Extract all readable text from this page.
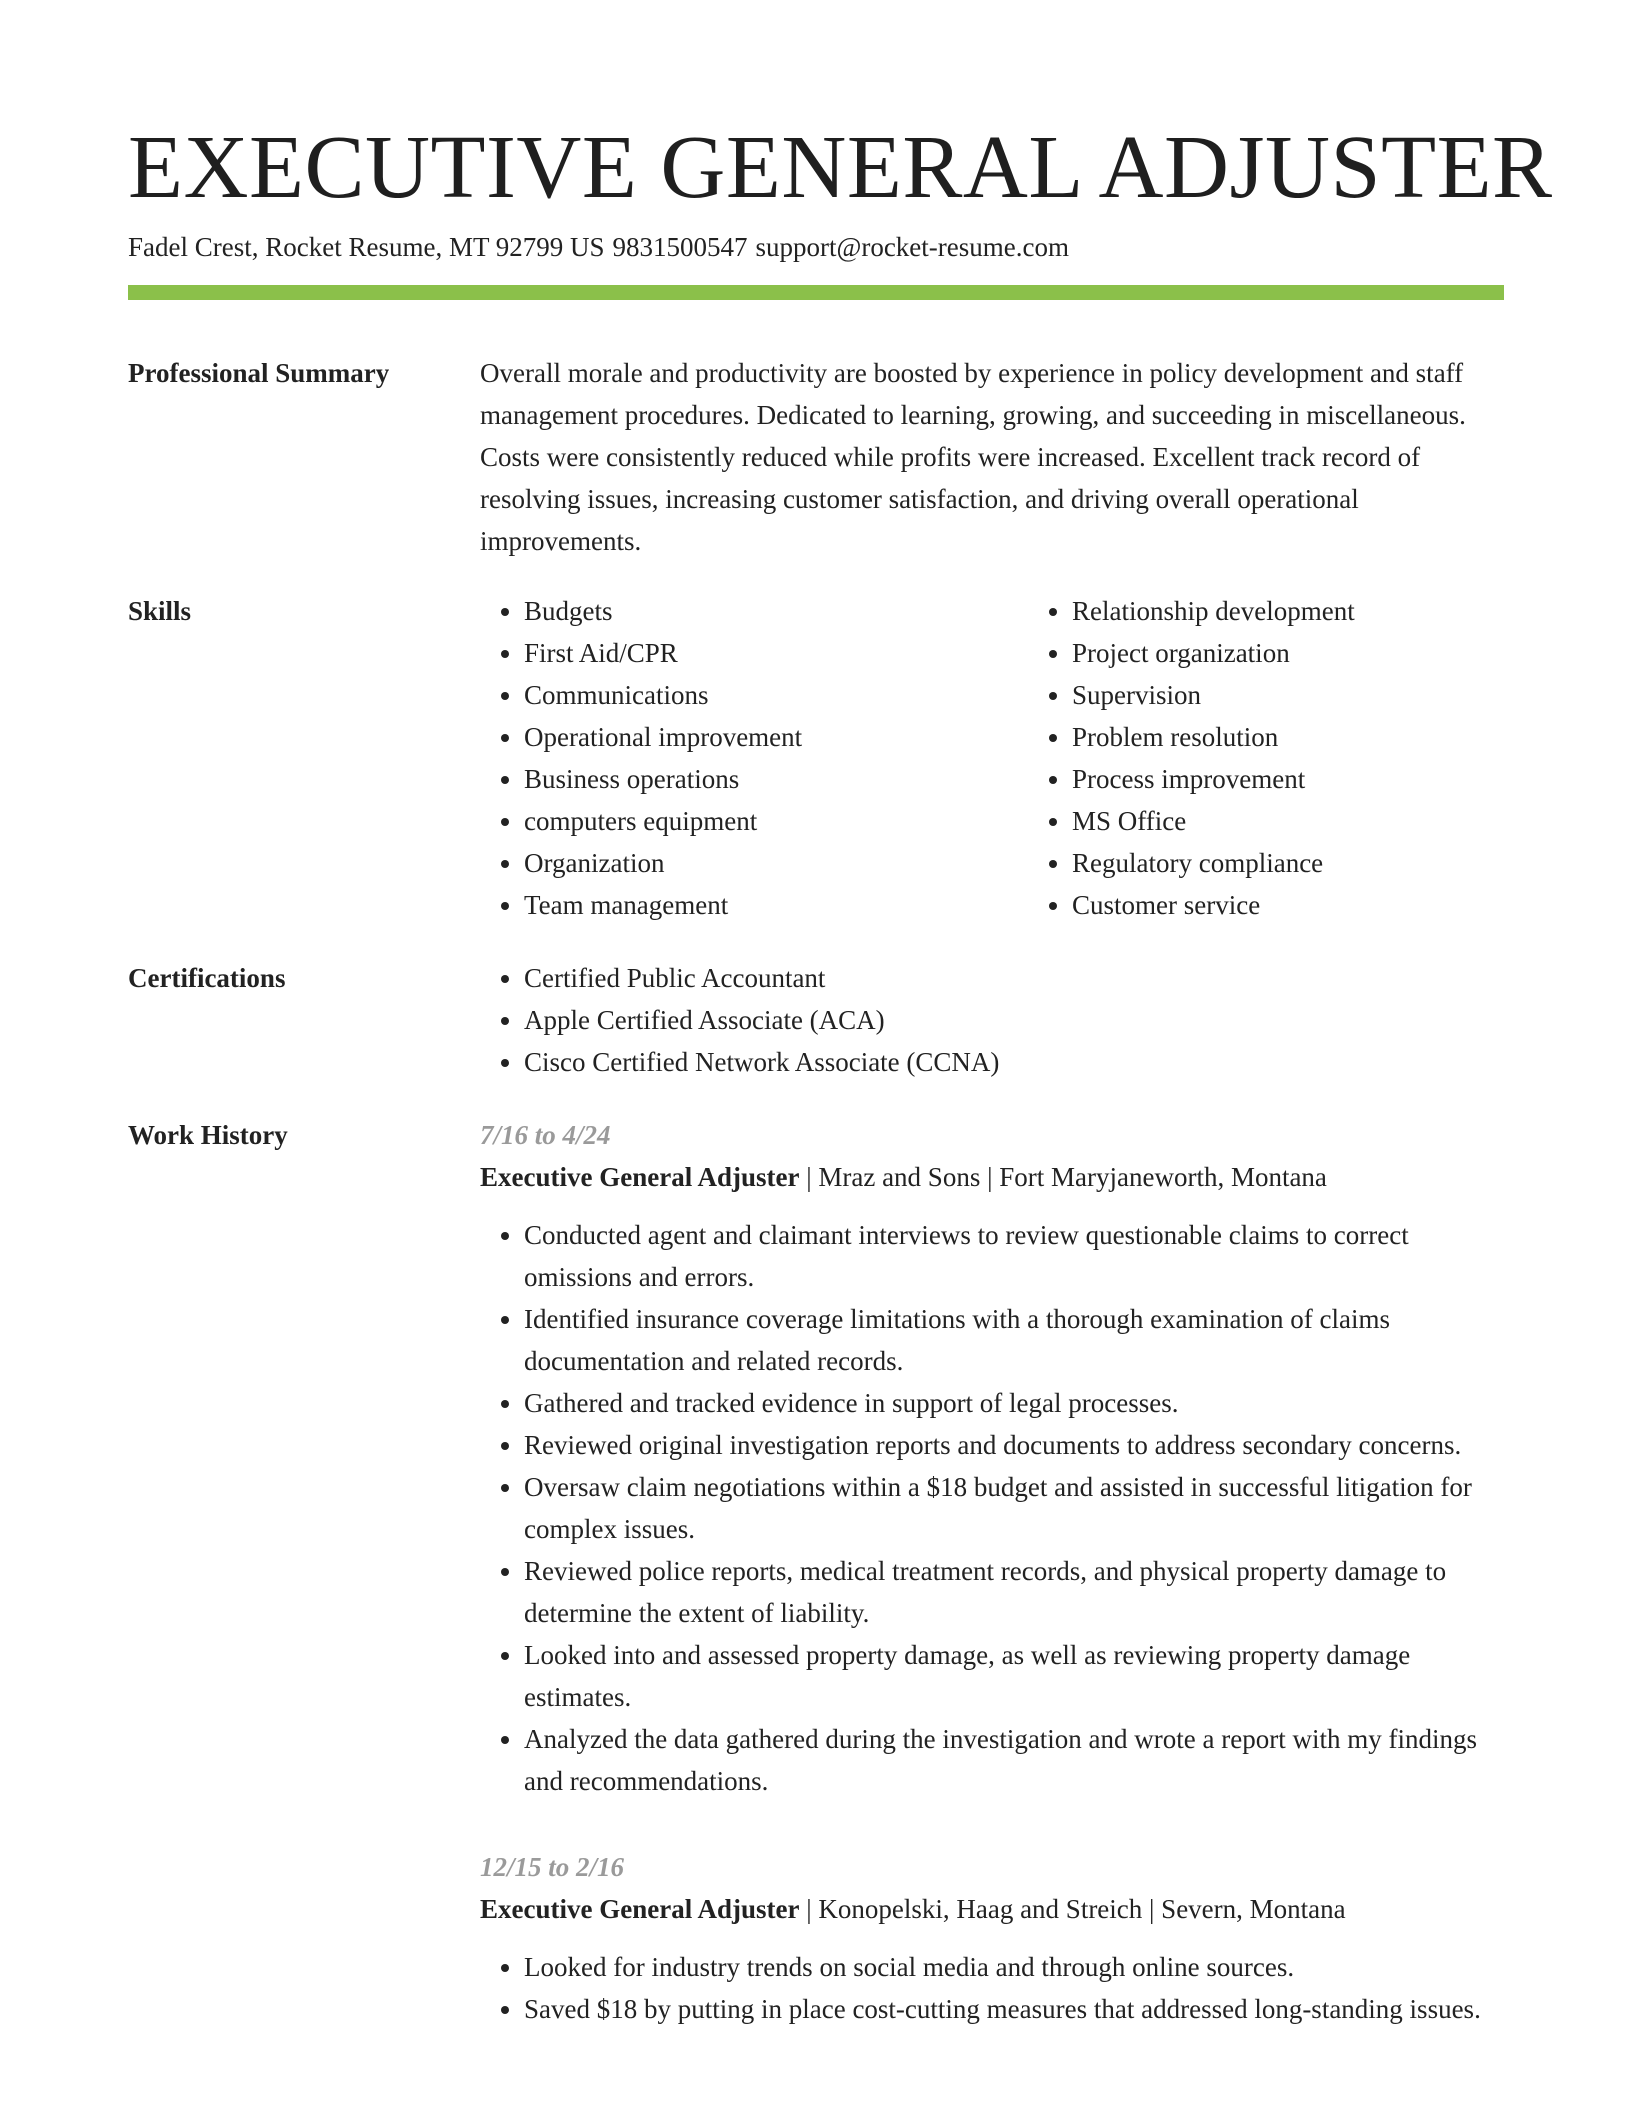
EXECUTIVE GENERAL ADJUSTER
Fadel Crest, Rocket Resume, MT 92799 US 9831500547 support@rocket-resume.com
Professional Summary	Overall morale and productivity are boosted by experience in policy development and staff management procedures. Dedicated to learning, growing, and succeeding in miscellaneous. Costs were consistently reduced while profits were increased. Excellent track record of resolving issues, increasing customer satisfaction, and driving overall operational improvements.

Skills	• Budgets
• First Aid/CPR
• Communications
• Operational improvement
• Business operations
• computers equipment
• Organization
• Team management
• Relationship development
• Project organization
• Supervision
• Problem resolution
• Process improvement
• MS Office
• Regulatory compliance
• Customer service
Certifications	• Certified Public Accountant
• Apple Certified Associate (ACA)
• Cisco Certified Network Associate (CCNA)
Work History	7/16 to 4/24
Executive General Adjuster | Mraz and Sons | Fort Maryjaneworth, Montana
• Conducted agent and claimant interviews to review questionable claims to correct omissions and errors.
• Identified insurance coverage limitations with a thorough examination of claims documentation and related records.
• Gathered and tracked evidence in support of legal processes.
• Reviewed original investigation reports and documents to address secondary concerns.
• Oversaw claim negotiations within a $18 budget and assisted in successful litigation for complex issues.
• Reviewed police reports, medical treatment records, and physical property damage to determine the extent of liability.
• Looked into and assessed property damage, as well as reviewing property damage estimates.
• Analyzed the data gathered during the investigation and wrote a report with my findings and recommendations.
12/15 to 2/16
Executive General Adjuster | Konopelski, Haag and Streich | Severn, Montana
• Looked for industry trends on social media and through online sources.
• Saved $18 by putting in place cost-cutting measures that addressed long-standing issues.
